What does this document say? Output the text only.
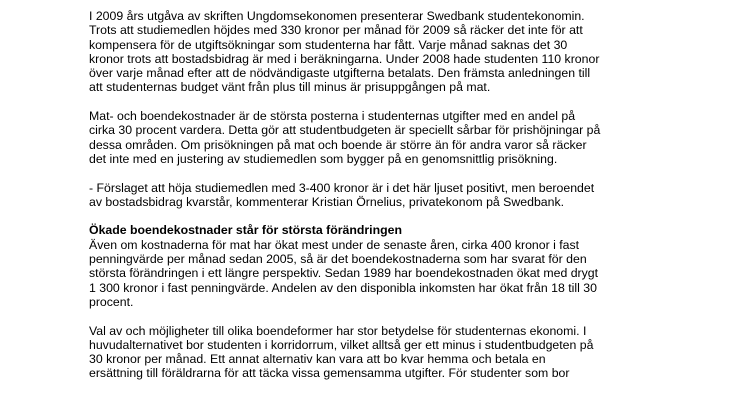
I 2009 års utgåva av skriften Ungdomsekonomen presenterar Swedbank studentekonomin.
Trots att studiemedlen höjdes med 330 kronor per månad för 2009 så räcker det inte för att
kompensera för de utgiftsökningar som studenterna har fått. Varje månad saknas det 30
kronor trots att bostadsbidrag är med i beräkningarna. Under 2008 hade studenten 110 kronor
över varje månad efter att de nödvändigaste utgifterna betalats. Den främsta anledningen till
att studenternas budget vänt från plus till minus är prisuppgången på mat.
Mat- och boendekostnader är de största posterna i studenternas utgifter med en andel på
cirka 30 procent vardera. Detta gör att studentbudgeten är speciellt sårbar för prishöjningar på
dessa områden. Om prisökningen på mat och boende är större än för andra varor så räcker
det inte med en justering av studiemedlen som bygger på en genomsnittlig prisökning.
- Förslaget att höja studiemedlen med 3-400 kronor är i det här ljuset positivt, men beroendet
av bostadsbidrag kvarstår, kommenterar Kristian Örnelius, privatekonom på Swedbank.
Ökade boendekostnader står för största förändringen
Även om kostnaderna för mat har ökat mest under de senaste åren, cirka 400 kronor i fast
penningvärde per månad sedan 2005, så är det boendekostnaderna som har svarat för den
största förändringen i ett längre perspektiv. Sedan 1989 har boendekostnaden ökat med drygt
1 300 kronor i fast penningvärde. Andelen av den disponibla inkomsten har ökat från 18 till 30
procent.
Val av och möjligheter till olika boendeformer har stor betydelse för studenternas ekonomi. I
huvudalternativet bor studenten i korridorrum, vilket alltså ger ett minus i studentbudgeten på
30 kronor per månad. Ett annat alternativ kan vara att bo kvar hemma och betala en
ersättning till föräldrarna för att täcka vissa gemensamma utgifter. För studenter som bor
